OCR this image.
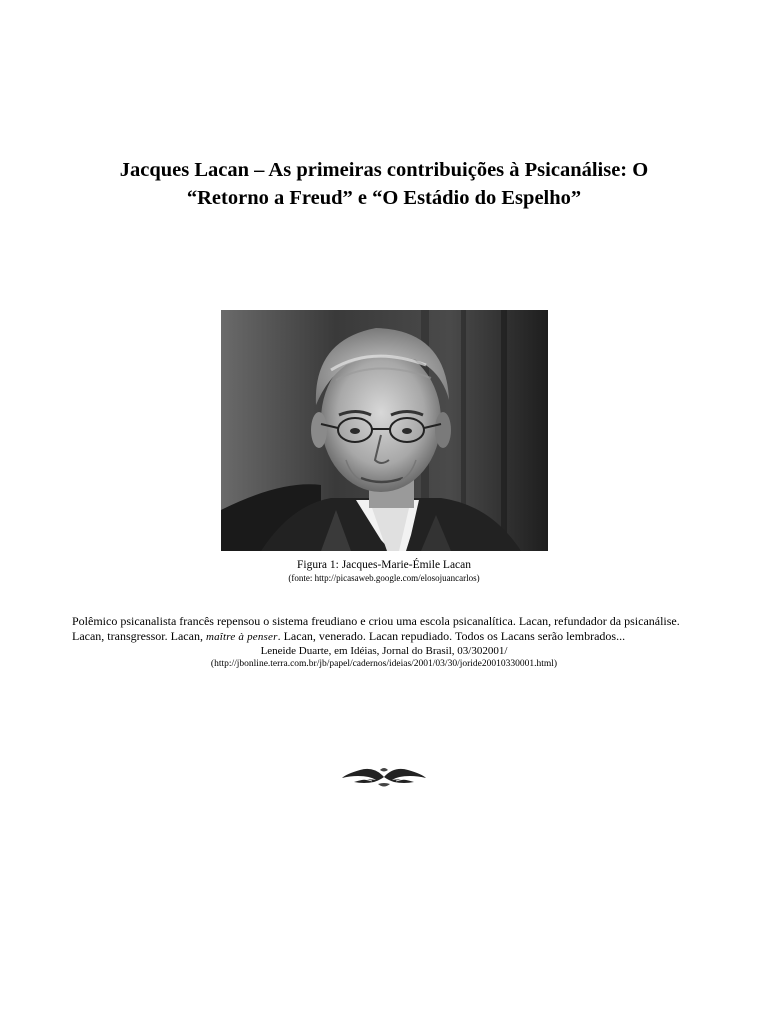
Jacques Lacan – As primeiras contribuições à Psicanálise: O
“Retorno a Freud” e “O Estádio do Espelho”
Figura 1: Jacques-Marie-Émile Lacan
(fonte: http://picasaweb.google.com/elosojuancarlos)
Polêmico psicanalista francês repensou o sistema freudiano e criou uma escola psicanalítica. Lacan, refundador da psicanálise.
Lacan, transgressor. Lacan, maître à penser. Lacan, venerado. Lacan repudiado. Todos os Lacans serão lembrados...
Leneide Duarte, em Idéias, Jornal do Brasil, 03/302001/
(http://jbonline.terra.com.br/jb/papel/cadernos/ideias/2001/03/30/joride20010330001.html)
